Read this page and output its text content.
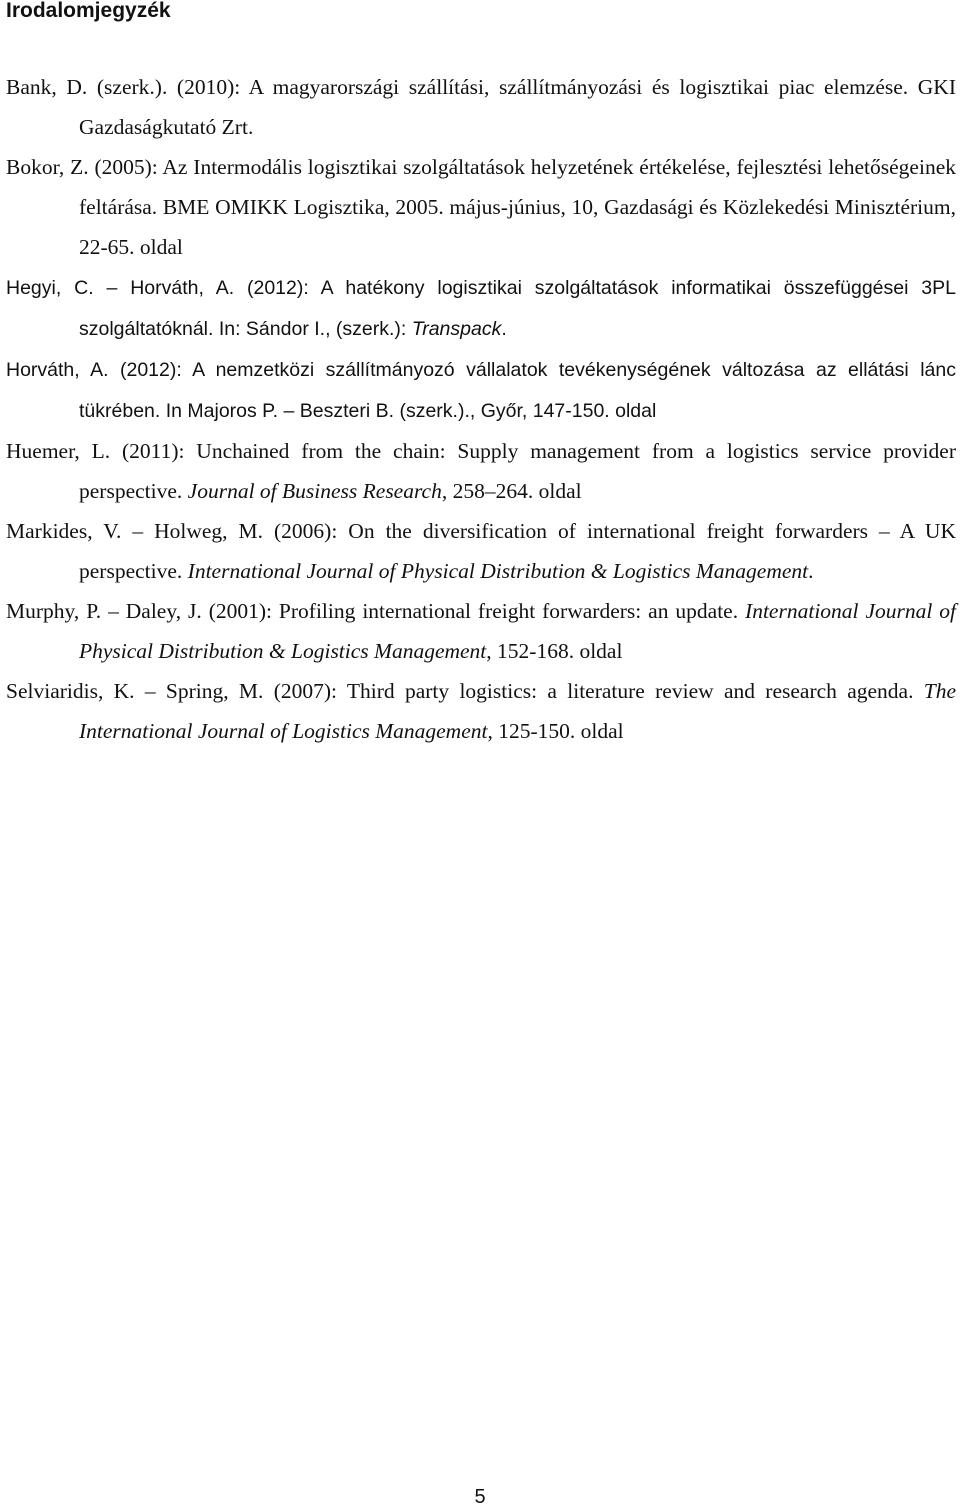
Irodalomjegyzék
Bank, D. (szerk.). (2010): A magyarországi szállítási, szállítmányozási és logisztikai piac elemzése. GKI Gazdaságkutató Zrt.
Bokor, Z. (2005): Az Intermodális logisztikai szolgáltatások helyzetének értékelése, fejlesztési lehetőségeinek feltárása. BME OMIKK Logisztika, 2005. május-június, 10, Gazdasági és Közlekedési Minisztérium, 22-65. oldal
Hegyi, C. – Horváth, A. (2012): A hatékony logisztikai szolgáltatások informatikai összefüggései 3PL szolgáltatóknál. In: Sándor I., (szerk.): Transpack.
Horváth, A. (2012): A nemzetközi szállítmányozó vállalatok tevékenységének változása az ellátási lánc tükrében. In Majoros P. – Beszteri B. (szerk.)., Győr, 147-150. oldal
Huemer, L. (2011): Unchained from the chain: Supply management from a logistics service provider perspective. Journal of Business Research, 258–264. oldal
Markides, V. – Holweg, M. (2006): On the diversification of international freight forwarders – A UK perspective. International Journal of Physical Distribution & Logistics Management.
Murphy, P. – Daley, J. (2001): Profiling international freight forwarders: an update. International Journal of Physical Distribution & Logistics Management, 152-168. oldal
Selviaridis, K. – Spring, M. (2007): Third party logistics: a literature review and research agenda. The International Journal of Logistics Management, 125-150. oldal
5
